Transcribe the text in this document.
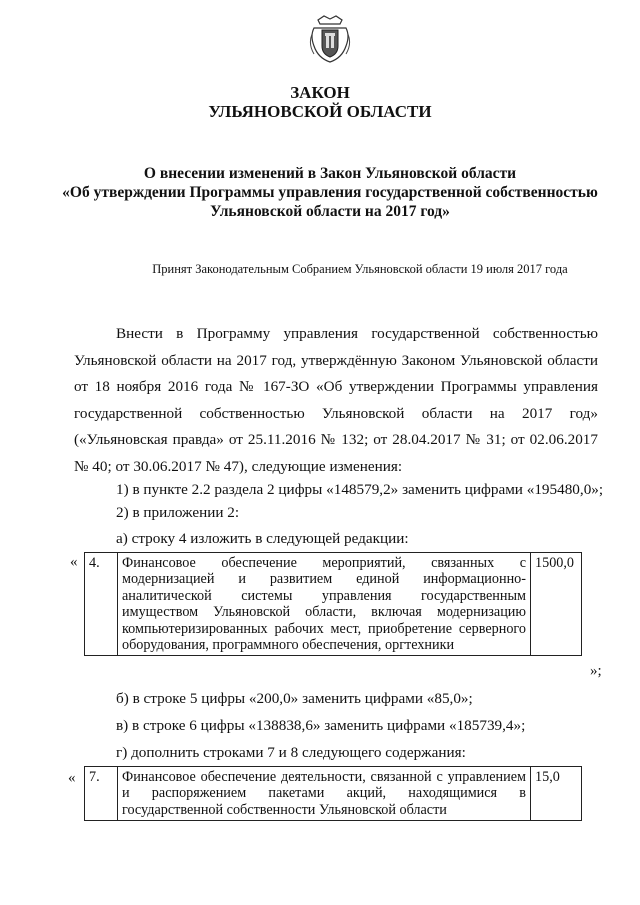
ЗАКОН
УЛЬЯНОВСКОЙ ОБЛАСТИ
О внесении изменений в Закон Ульяновской области
«Об утверждении Программы управления государственной собственностью
Ульяновской области на 2017 год»
Принят Законодательным Собранием Ульяновской области 19 июля 2017 года
Внести в Программу управления государственной собственностью Ульяновской области на 2017 год, утверждённую Законом Ульяновской области от 18 ноября 2016 года № 167-ЗО «Об утверждении Программы управления государственной собственностью Ульяновской области на 2017 год» («Ульяновская правда» от 25.11.2016 № 132; от 28.04.2017 № 31; от 02.06.2017 № 40; от 30.06.2017 № 47), следующие изменения:
1) в пункте 2.2 раздела 2 цифры «148579,2» заменить цифрами «195480,0»;
2) в приложении 2:
а) строку 4 изложить в следующей редакции:
« 4.	Финансовое обеспечение мероприятий, связанных с модернизацией и развитием единой информационно-аналитической системы управления государственным имуществом Ульяновской области, включая модернизацию компьютеризированных рабочих мест, приобретение серверного оборудования, программного обеспечения, оргтехники	1500,0
»;
б) в строке 5 цифры «200,0» заменить цифрами «85,0»;
в) в строке 6 цифры «138838,6» заменить цифрами «185739,4»;
г) дополнить строками 7 и 8 следующего содержания:
« 7.	Финансовое обеспечение деятельности, связанной с управлением и распоряжением пакетами акций, находящимися в государственной собственности Ульяновской области	15,0
